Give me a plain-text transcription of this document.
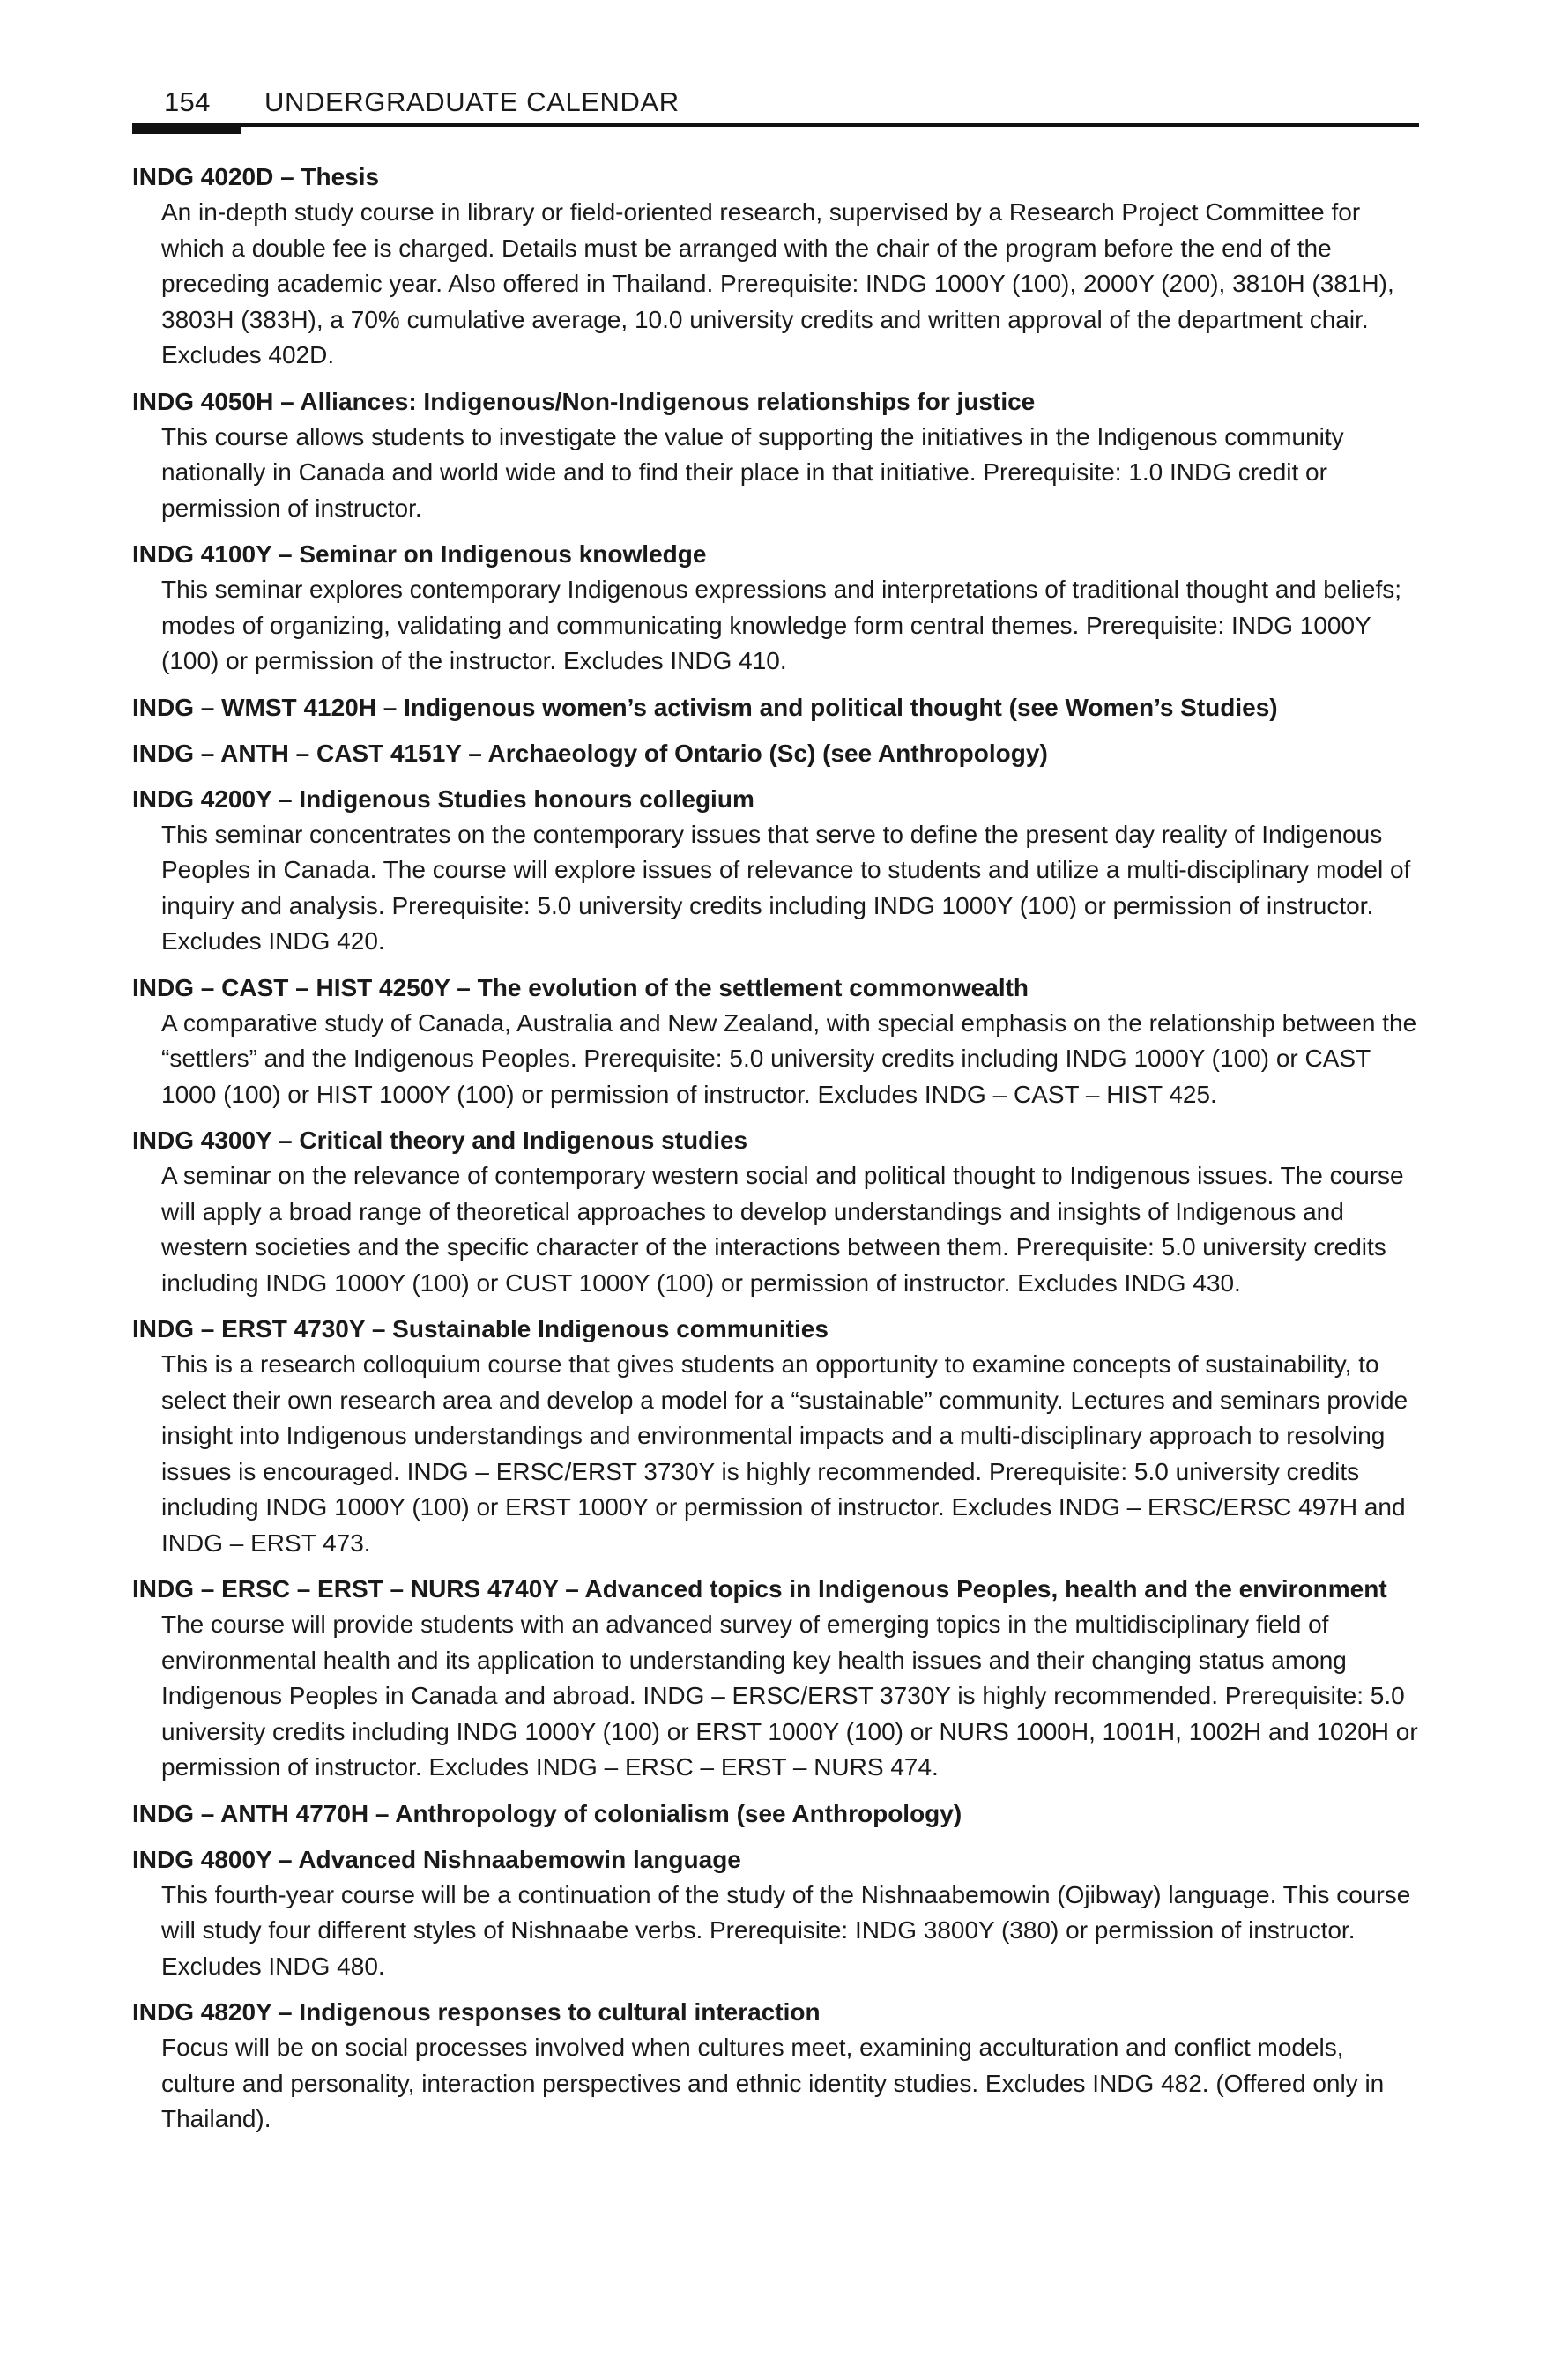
154 UNDERGRADUATE CALENDAR
INDG 4020D – Thesis
An in-depth study course in library or field-oriented research, supervised by a Research Project Committee for which a double fee is charged. Details must be arranged with the chair of the program before the end of the preceding academic year. Also offered in Thailand. Prerequisite: INDG 1000Y (100), 2000Y (200), 3810H (381H), 3803H (383H), a 70% cumulative average, 10.0 university credits and written approval of the department chair. Excludes 402D.
INDG 4050H – Alliances: Indigenous/Non-Indigenous relationships for justice
This course allows students to investigate the value of supporting the initiatives in the Indigenous community nationally in Canada and world wide and to find their place in that initiative. Prerequisite: 1.0 INDG credit or permission of instructor.
INDG 4100Y – Seminar on Indigenous knowledge
This seminar explores contemporary Indigenous expressions and interpretations of traditional thought and beliefs; modes of organizing, validating and communicating knowledge form central themes. Prerequisite: INDG 1000Y (100) or permission of the instructor. Excludes INDG 410.
INDG – WMST 4120H – Indigenous women’s activism and political thought (see Women’s Studies)
INDG – ANTH – CAST 4151Y – Archaeology of Ontario (Sc) (see Anthropology)
INDG 4200Y – Indigenous Studies honours collegium
This seminar concentrates on the contemporary issues that serve to define the present day reality of Indigenous Peoples in Canada. The course will explore issues of relevance to students and utilize a multi-disciplinary model of inquiry and analysis. Prerequisite: 5.0 university credits including INDG 1000Y (100) or permission of instructor. Excludes INDG 420.
INDG – CAST – HIST 4250Y – The evolution of the settlement commonwealth
A comparative study of Canada, Australia and New Zealand, with special emphasis on the relationship between the “settlers” and the Indigenous Peoples. Prerequisite: 5.0 university credits including INDG 1000Y (100) or CAST 1000 (100) or HIST 1000Y (100) or permission of instructor. Excludes INDG – CAST – HIST 425.
INDG 4300Y – Critical theory and Indigenous studies
A seminar on the relevance of contemporary western social and political thought to Indigenous issues. The course will apply a broad range of theoretical approaches to develop understandings and insights of Indigenous and western societies and the specific character of the interactions between them. Prerequisite: 5.0 university credits including INDG 1000Y (100) or CUST 1000Y (100) or permission of instructor. Excludes INDG 430.
INDG – ERST 4730Y – Sustainable Indigenous communities
This is a research colloquium course that gives students an opportunity to examine concepts of sustainability, to select their own research area and develop a model for a “sustainable” community. Lectures and seminars provide insight into Indigenous understandings and environmental impacts and a multi-disciplinary approach to resolving issues is encouraged. INDG – ERSC/ERST 3730Y is highly recommended. Prerequisite: 5.0 university credits including INDG 1000Y (100) or ERST 1000Y or permission of instructor. Excludes INDG – ERSC/ERSC 497H and INDG – ERST 473.
INDG – ERSC – ERST – NURS 4740Y – Advanced topics in Indigenous Peoples, health and the environment
The course will provide students with an advanced survey of emerging topics in the multidisciplinary field of environmental health and its application to understanding key health issues and their changing status among Indigenous Peoples in Canada and abroad. INDG – ERSC/ERST 3730Y is highly recommended. Prerequisite: 5.0 university credits including INDG 1000Y (100) or ERST 1000Y (100) or NURS 1000H, 1001H, 1002H and 1020H or permission of instructor. Excludes INDG – ERSC – ERST – NURS 474.
INDG – ANTH 4770H – Anthropology of colonialism (see Anthropology)
INDG 4800Y – Advanced Nishnaabemowin language
This fourth-year course will be a continuation of the study of the Nishnaabemowin (Ojibway) language. This course will study four different styles of Nishnaabe verbs. Prerequisite: INDG 3800Y (380) or permission of instructor. Excludes INDG 480.
INDG 4820Y – Indigenous responses to cultural interaction
Focus will be on social processes involved when cultures meet, examining acculturation and conflict models, culture and personality, interaction perspectives and ethnic identity studies. Excludes INDG 482. (Offered only in Thailand).
